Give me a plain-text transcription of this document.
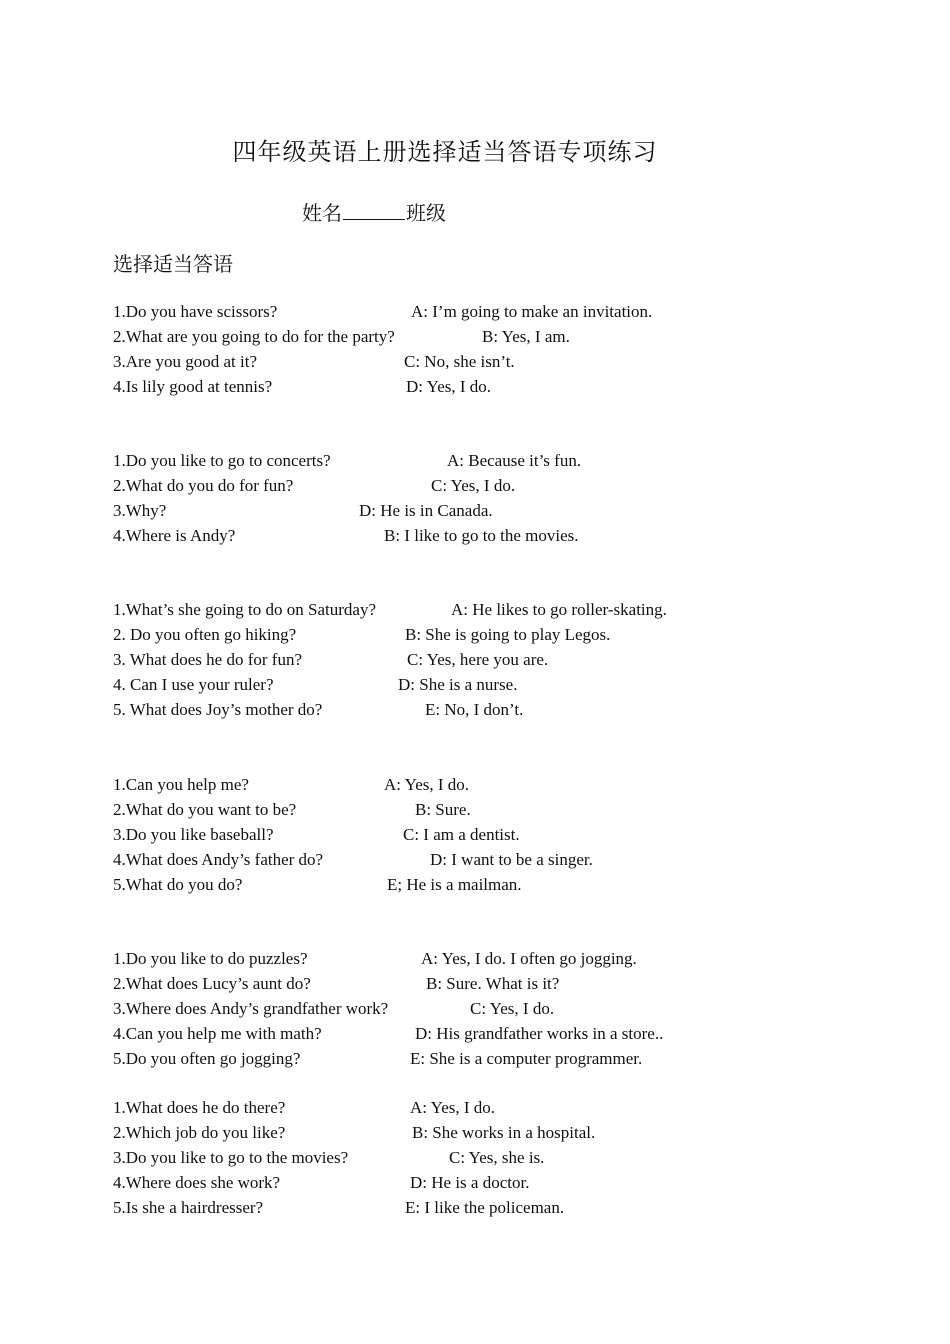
四年级英语上册选择适当答语专项练习
姓名	班级
选择适当答语
1.Do you have scissors?	A: I’m going to make an invitation.
2.What are you going to do for the party?	B: Yes, I am.
3.Are you good at it?	C: No, she isn’t.
4.Is lily good at tennis?	D: Yes, I do.
1.Do you like to go to concerts?	A: Because it’s fun.
2.What do you do for fun?	C: Yes, I do.
3.Why?	D: He is in Canada.
4.Where is Andy?	B: I like to go to the movies.
1.What’s she going to do on Saturday?	A: He likes to go roller-skating.
2. Do you often go hiking?	B: She is going to play Legos.
3. What does he do for fun?	C: Yes, here you are.
4. Can I use your ruler?	D: She is a nurse.
5. What does Joy’s mother do?	E: No, I don’t.
1.Can you help me?	A: Yes, I do.
2.What do you want to be?	B: Sure.
3.Do you like baseball?	C: I am a dentist.
4.What does Andy’s father do?	D: I want to be a singer.
5.What do you do?	E; He is a mailman.
1.Do you like to do puzzles?	A: Yes, I do. I often go jogging.
2.What does Lucy’s aunt do?	B: Sure. What is it?
3.Where does Andy’s grandfather work?	C: Yes, I do.
4.Can you help me with math?	D: His grandfather works in a store..
5.Do you often go jogging?	E: She is a computer programmer.
1.What does he do there?	A: Yes, I do.
2.Which job do you like?	B: She works in a hospital.
3.Do you like to go to the movies?	C: Yes, she is.
4.Where does she work?	D: He is a doctor.
5.Is she a hairdresser?	E: I like the policeman.
